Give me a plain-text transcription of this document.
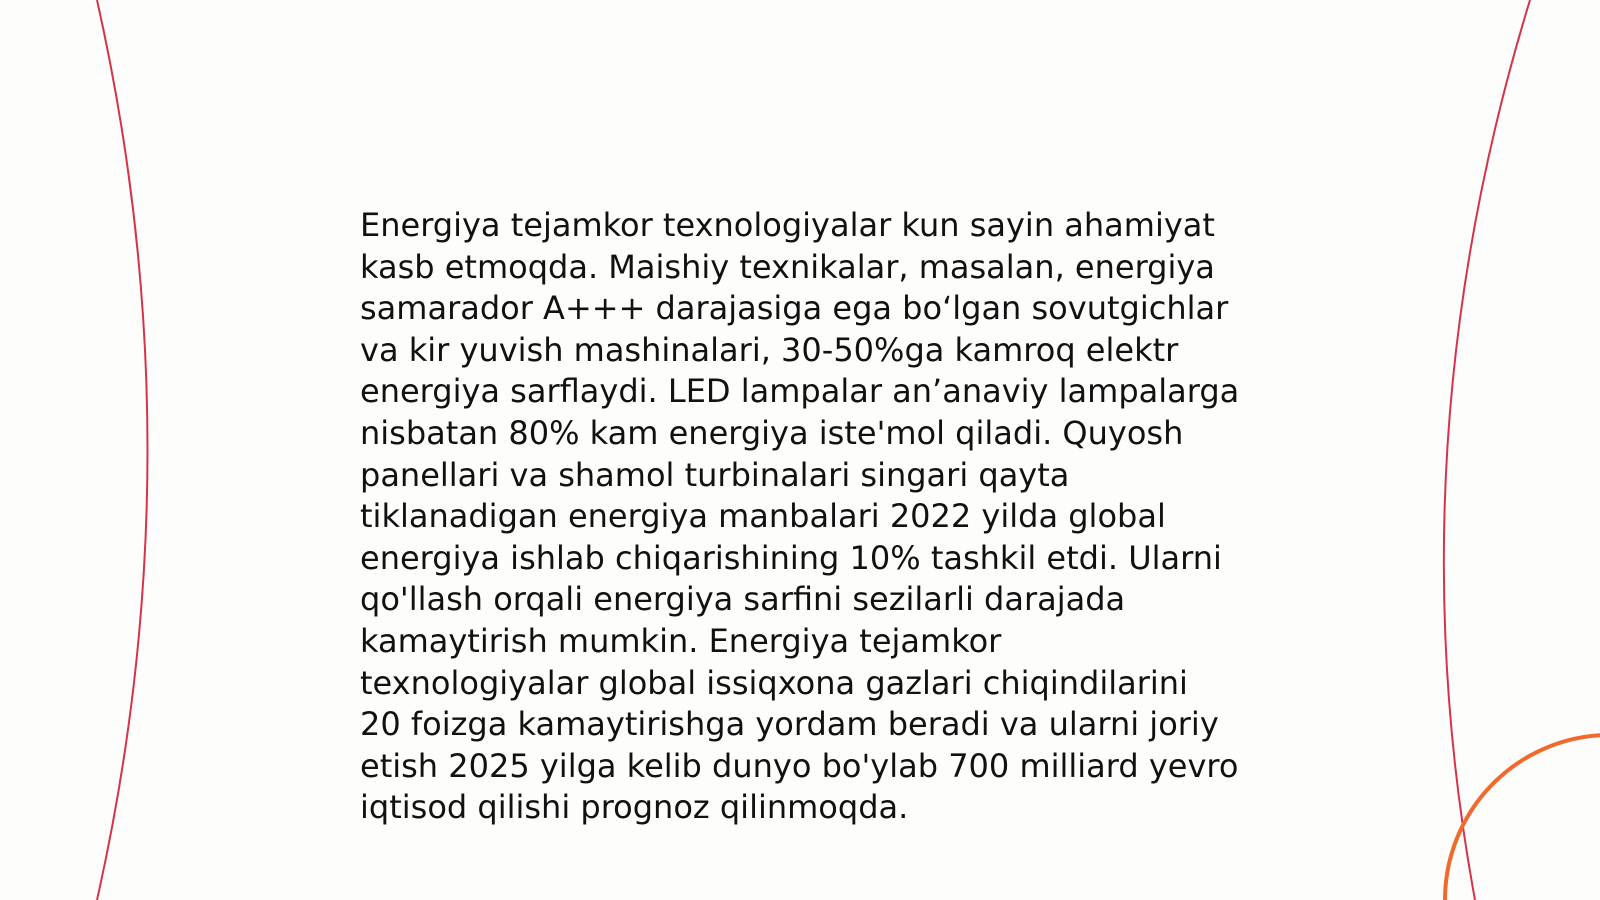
Energiya tejamkor texnologiyalar kun sayin ahamiyat
kasb etmoqda. Maishiy texnikalar, masalan, energiya
samarador A+++ darajasiga ega bo‘lgan sovutgichlar
va kir yuvish mashinalari, 30-50%ga kamroq elektr
energiya sarflaydi. LED lampalar an’anaviy lampalarga
nisbatan 80% kam energiya iste'mol qiladi. Quyosh
panellari va shamol turbinalari singari qayta
tiklanadigan energiya manbalari 2022 yilda global
energiya ishlab chiqarishining 10% tashkil etdi. Ularni
qo'llash orqali energiya sarfini sezilarli darajada
kamaytirish mumkin. Energiya tejamkor
texnologiyalar global issiqxona gazlari chiqindilarini
20 foizga kamaytirishga yordam beradi va ularni joriy
etish 2025 yilga kelib dunyo bo'ylab 700 milliard yevro
iqtisod qilishi prognoz qilinmoqda.
